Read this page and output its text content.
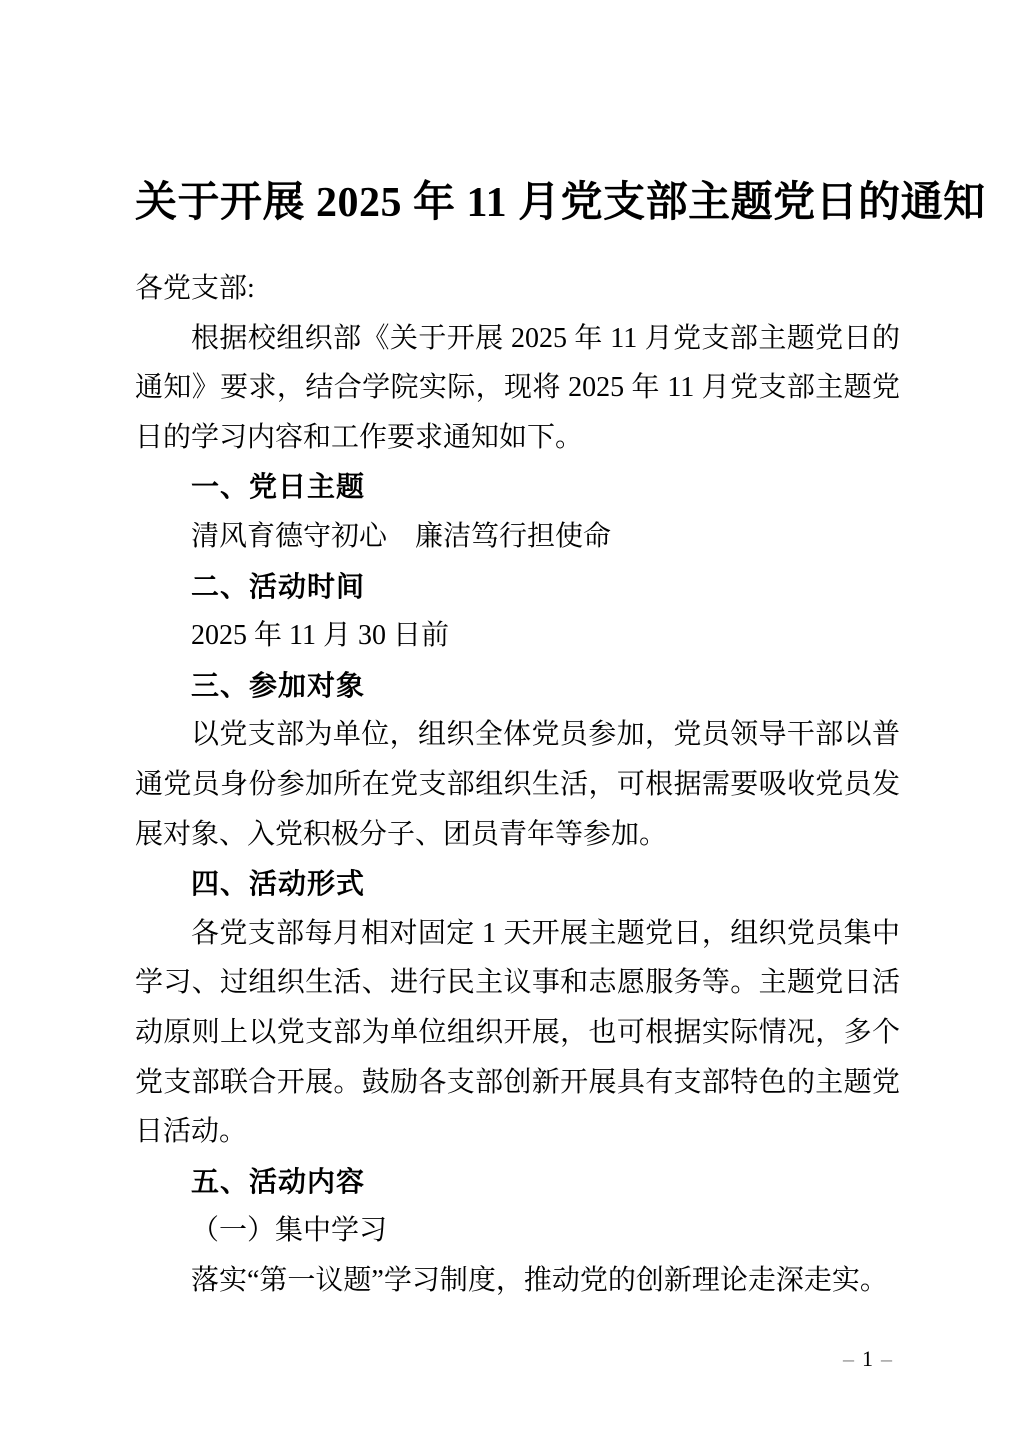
关于开展 2025 年 11 月党支部主题党日的通知

各党支部:

根据校组织部《关于开展 2025 年 11 月党支部主题党日的通知》要求，结合学院实际，现将 2025 年 11 月党支部主题党日的学习内容和工作要求通知如下。

一、党日主题

清风育德守初心　廉洁笃行担使命

二、活动时间

2025 年 11 月 30 日前

三、参加对象

以党支部为单位，组织全体党员参加，党员领导干部以普通党员身份参加所在党支部组织生活，可根据需要吸收党员发展对象、入党积极分子、团员青年等参加。

四、活动形式

各党支部每月相对固定 1 天开展主题党日，组织党员集中学习、过组织生活、进行民主议事和志愿服务等。主题党日活动原则上以党支部为单位组织开展，也可根据实际情况，多个党支部联合开展。鼓励各支部创新开展具有支部特色的主题党日活动。

五、活动内容

（一）集中学习

落实“第一议题”学习制度，推动党的创新理论走深走实。

– 1 –
